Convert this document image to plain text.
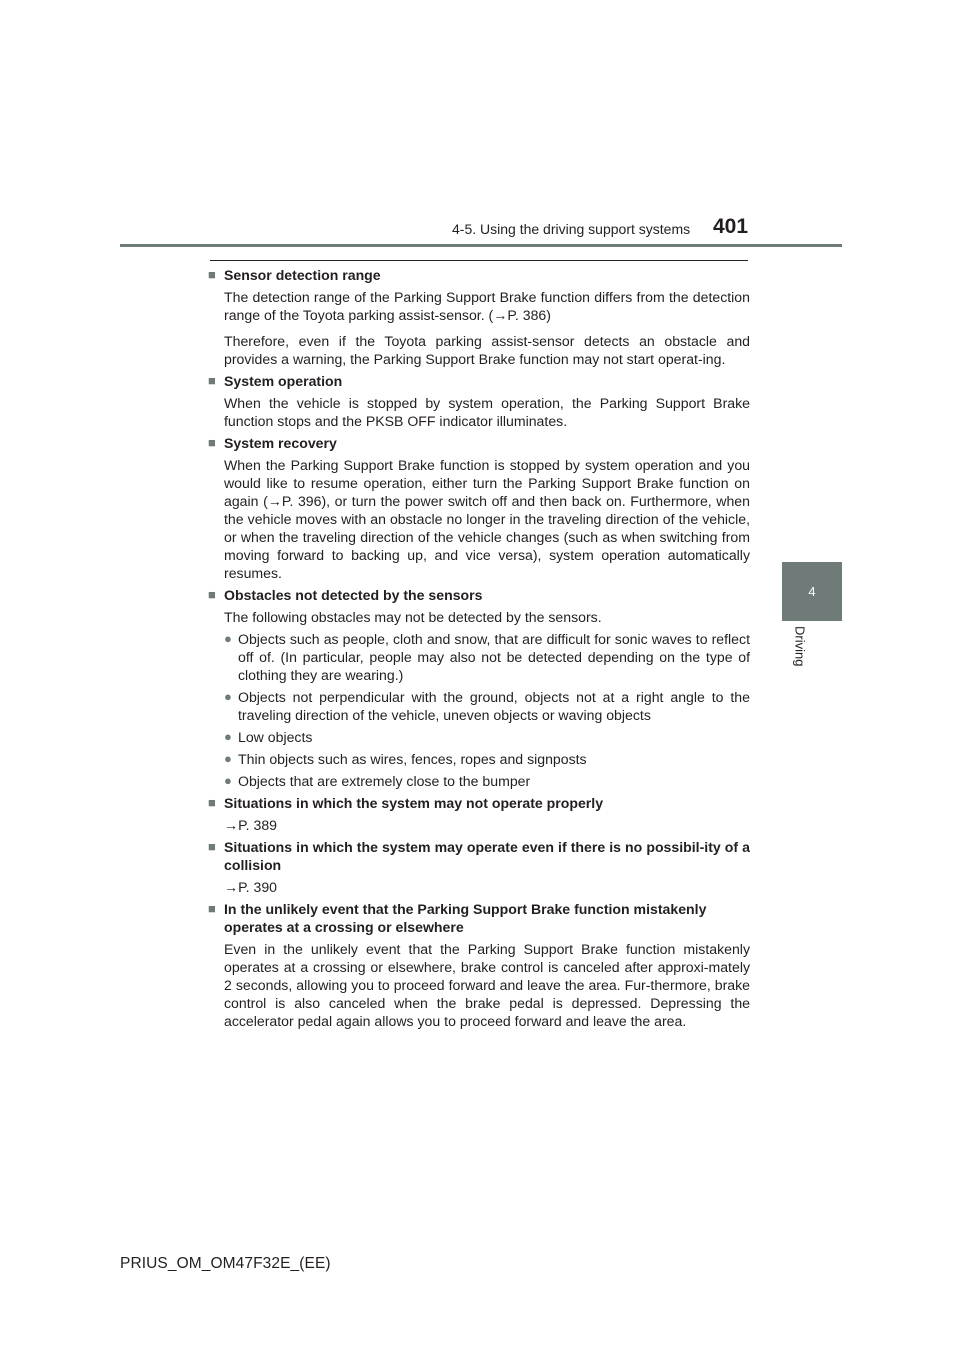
4-5. Using the driving support systems 401
4
Driving
■ Sensor detection range
The detection range of the Parking Support Brake function differs from the detection range of the Toyota parking assist-sensor. (→P. 386)
Therefore, even if the Toyota parking assist-sensor detects an obstacle and provides a warning, the Parking Support Brake function may not start operat-ing.
■ System operation
When the vehicle is stopped by system operation, the Parking Support Brake function stops and the PKSB OFF indicator illuminates.
■ System recovery
When the Parking Support Brake function is stopped by system operation and you would like to resume operation, either turn the Parking Support Brake function on again (→P. 396), or turn the power switch off and then back on. Furthermore, when the vehicle moves with an obstacle no longer in the traveling direction of the vehicle, or when the traveling direction of the vehicle changes (such as when switching from moving forward to backing up, and vice versa), system operation automatically resumes.
■ Obstacles not detected by the sensors
The following obstacles may not be detected by the sensors.
● Objects such as people, cloth and snow, that are difficult for sonic waves to reflect off of. (In particular, people may also not be detected depending on the type of clothing they are wearing.)
● Objects not perpendicular with the ground, objects not at a right angle to the traveling direction of the vehicle, uneven objects or waving objects
● Low objects
● Thin objects such as wires, fences, ropes and signposts
● Objects that are extremely close to the bumper
■ Situations in which the system may not operate properly
→P. 389
■ Situations in which the system may operate even if there is no possibil-ity of a collision
→P. 390
■ In the unlikely event that the Parking Support Brake function mistakenly operates at a crossing or elsewhere
Even in the unlikely event that the Parking Support Brake function mistakenly operates at a crossing or elsewhere, brake control is canceled after approxi-mately 2 seconds, allowing you to proceed forward and leave the area. Fur-thermore, brake control is also canceled when the brake pedal is depressed. Depressing the accelerator pedal again allows you to proceed forward and leave the area.
PRIUS_OM_OM47F32E_(EE)
